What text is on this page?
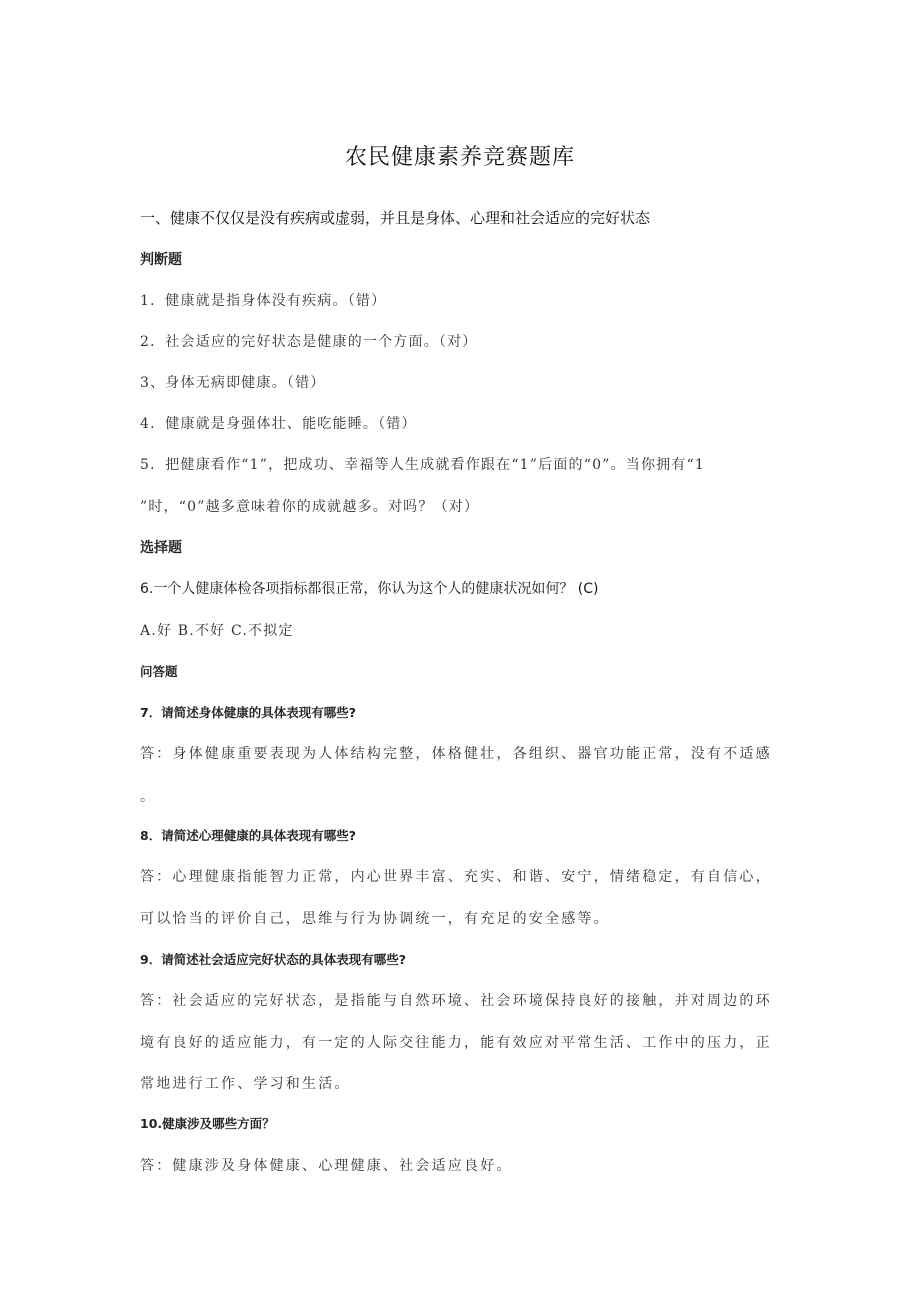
农民健康素养竞赛题库
一、健康不仅仅是没有疾病或虚弱，并且是身体、心理和社会适应的完好状态
判断题
1．健康就是指身体没有疾病。（错）
2．社会适应的完好状态是健康的一个方面。（对）
3、身体无病即健康。（错）
4．健康就是身强体壮、能吃能睡。（错）
5．把健康看作“1”，把成功、幸福等人生成就看作跟在“1”后面的“0”。当你拥有“1
”时，“0”越多意味着你的成就越多。对吗？（对）
选择题
6.一个人健康体检各项指标都很正常，你认为这个人的健康状况如何？ (C)
A.好 B.不好 C.不拟定
问答题
7．请简述身体健康的具体表现有哪些?
答：身体健康重要表现为人体结构完整，体格健壮，各组织、器官功能正常，没有不适感
。
8．请简述心理健康的具体表现有哪些?
答：心理健康指能智力正常，内心世界丰富、充实、和谐、安宁，情绪稳定，有自信心，
可以恰当的评价自己，思维与行为协调统一，有充足的安全感等。
9．请简述社会适应完好状态的具体表现有哪些?
答：社会适应的完好状态，是指能与自然环境、社会环境保持良好的接触，并对周边的环
境有良好的适应能力，有一定的人际交往能力，能有效应对平常生活、工作中的压力，正
常地进行工作、学习和生活。
10.健康涉及哪些方面？
答：健康涉及身体健康、心理健康、社会适应良好。
